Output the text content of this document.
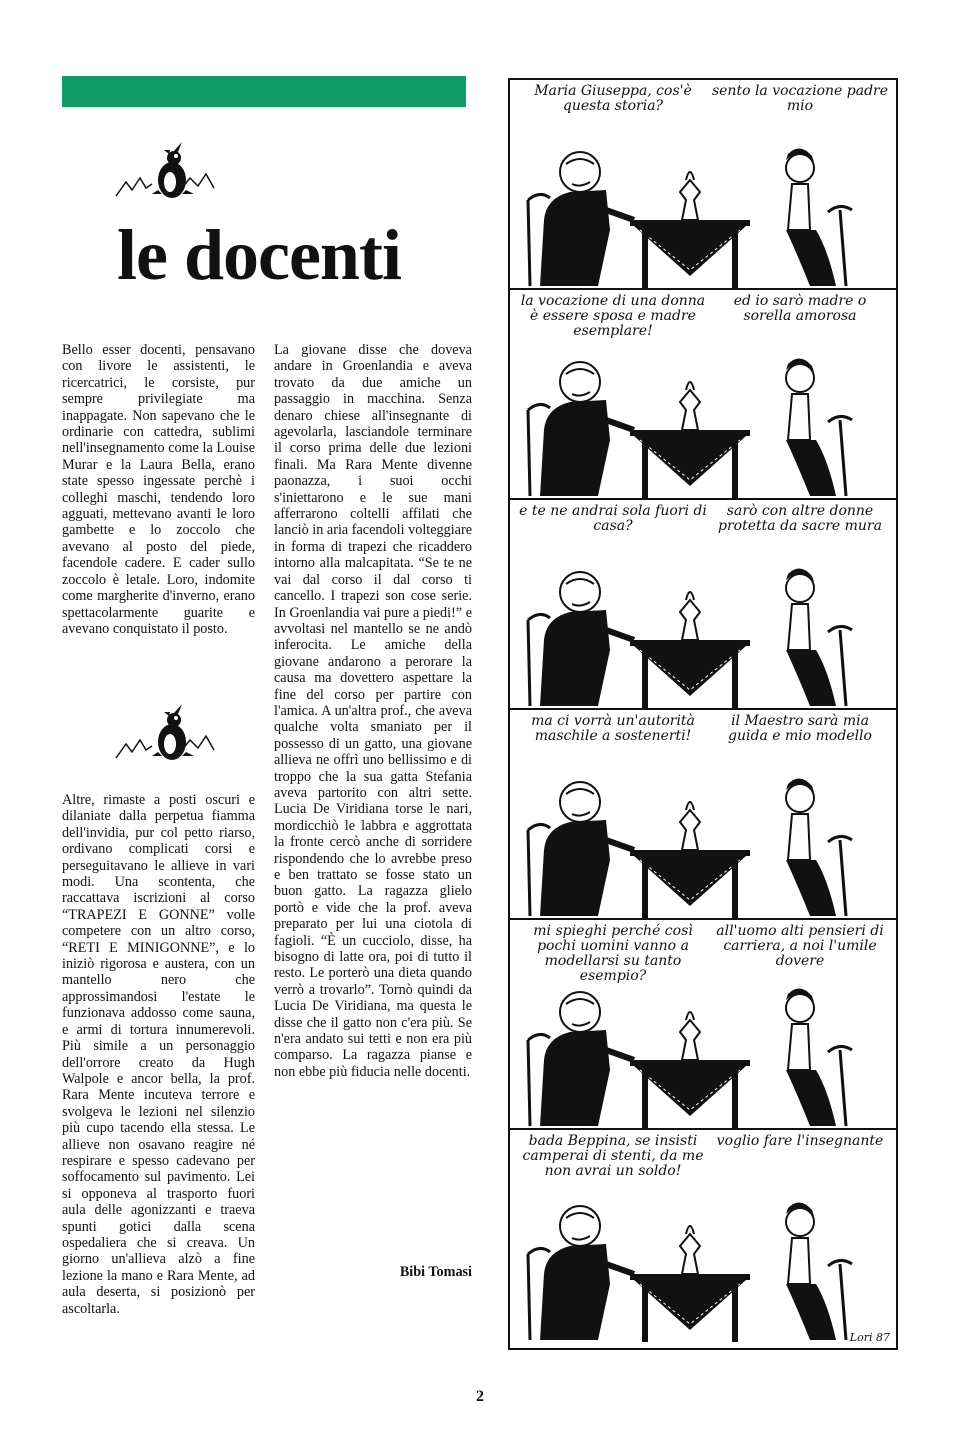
le docenti

Bello esser docenti, pensavano con livore le assistenti, le ricercatrici, le corsiste, pur sempre privilegiate ma inappagate. Non sapevano che le ordinarie con cattedra, sublimi nell'insegnamento come la Louise Murar e la Laura Bella, erano state spesso ingessate perchè i colleghi maschi, tendendo loro agguati, mettevano avanti le loro gambette e lo zoccolo che avevano al posto del piede, facendole cadere. E cader sullo zoccolo è letale. Loro, indomite come margherite d'inverno, erano spettacolarmente guarite e avevano conquistato il posto.

Altre, rimaste a posti oscuri e dilaniate dalla perpetua fiamma dell'invidia, pur col petto riarso, ordivano complicati corsi e perseguitavano le allieve in vari modi. Una scontenta, che raccattava iscrizioni al corso “TRAPEZI E GONNE” volle competere con un altro corso, “RETI E MINIGONNE”, e lo iniziò rigorosa e austera, con un mantello nero che approssimandosi l'estate le funzionava addosso come sauna, e armi di tortura innumerevoli. Più simile a un personaggio dell'orrore creato da Hugh Walpole e ancor bella, la prof. Rara Mente incuteva terrore e svolgeva le lezioni nel silenzio più cupo tacendo ella stessa. Le allieve non osavano reagire né respirare e spesso cadevano per soffocamento sul pavimento. Lei si opponeva al trasporto fuori aula delle agonizzanti e traeva spunti gotici dalla scena ospedaliera che si creava. Un giorno un'allieva alzò a fine lezione la mano e Rara Mente, ad aula deserta, si posizionò per ascoltarla.

La giovane disse che doveva andare in Groenlandia e aveva trovato da due amiche un passaggio in macchina. Senza denaro chiese all'insegnante di agevolarla, lasciandole terminare il corso prima delle due lezioni finali. Ma Rara Mente divenne paonazza, i suoi occhi s'iniettarono e le sue mani afferrarono coltelli affilati che lanciò in aria facendoli volteggiare in forma di trapezi che ricaddero intorno alla malcapitata. “Se te ne vai dal corso il dal corso ti cancello. I trapezi son cose serie. In Groenlandia vai pure a piedi!” e avvoltasi nel mantello se ne andò inferocita. Le amiche della giovane andarono a perorare la causa ma dovettero aspettare la fine del corso per partire con l'amica. A un'altra prof., che aveva qualche volta smaniato per il possesso di un gatto, una giovane allieva ne offrì uno bellissimo e di troppo che la sua gatta Stefania aveva partorito con altri sette. Lucia De Viridiana torse le nari, mordicchiò le labbra e aggrottata la fronte cercò anche di sorridere rispondendo che lo avrebbe preso e ben trattato se fosse stato un buon gatto. La ragazza glielo portò e vide che la prof. aveva preparato per lui una ciotola di fagioli. “È un cucciolo, disse, ha bisogno di latte ora, poi di tutto il resto. Le porterò una dieta quando verrò a trovarlo”. Tornò quindi da Lucia De Viridiana, ma questa le disse che il gatto non c'era più. Se n'era andato sui tetti e non era più comparso. La ragazza pianse e non ebbe più fiducia nelle docenti.

Bibi Tomasi
Maria Giuseppa, cos'è questa storia?
sento la vocazione padre mio
la vocazione di una donna è essere sposa e madre esemplare!
ed io sarò madre o sorella amorosa
e te ne andrai sola fuori di casa?
sarò con altre donne protetta da sacre mura
ma ci vorrà un'autorità maschile a sostenerti!
il Maestro sarà mia guida e mio modello
mi spieghi perché così pochi uomini vanno a modellarsi su tanto esempio?
all'uomo alti pensieri di carriera, a noi l'umile dovere
bada Beppina, se insisti camperai di stenti, da me non avrai un soldo!
voglio fare l'insegnante
Lori 87
2
